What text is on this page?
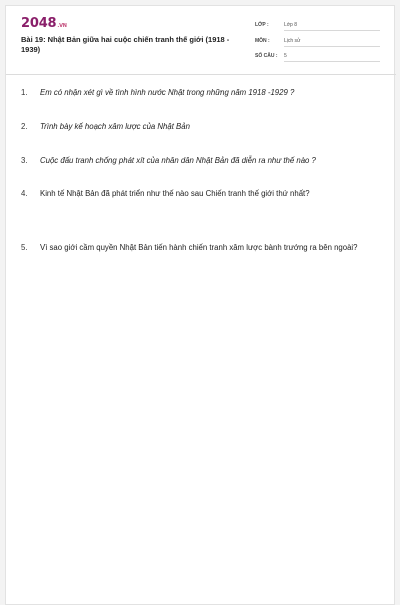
2048.VN
Bài 19: Nhật Bản giữa hai cuộc chiến tranh thế giới (1918 - 1939)
LỚP :	Lớp 8
MÔN :	Lịch sử
SỐ CÂU : 5
1.	Em có nhận xét gì về tình hình nước Nhật trong những năm 1918 -1929 ?
2.	Trình bày kế hoạch xâm lược của Nhật Bản
3.	Cuộc đấu tranh chống phát xít của nhân dân Nhật Bản đã diễn ra như thế nào ?
4.	Kinh tế Nhật Bản đã phát triển như thế nào sau Chiến tranh thế giới thứ nhất?
5.	Vì sao giới cầm quyền Nhật Bản tiến hành chiến tranh xâm lược bành trướng ra bên ngoài?
